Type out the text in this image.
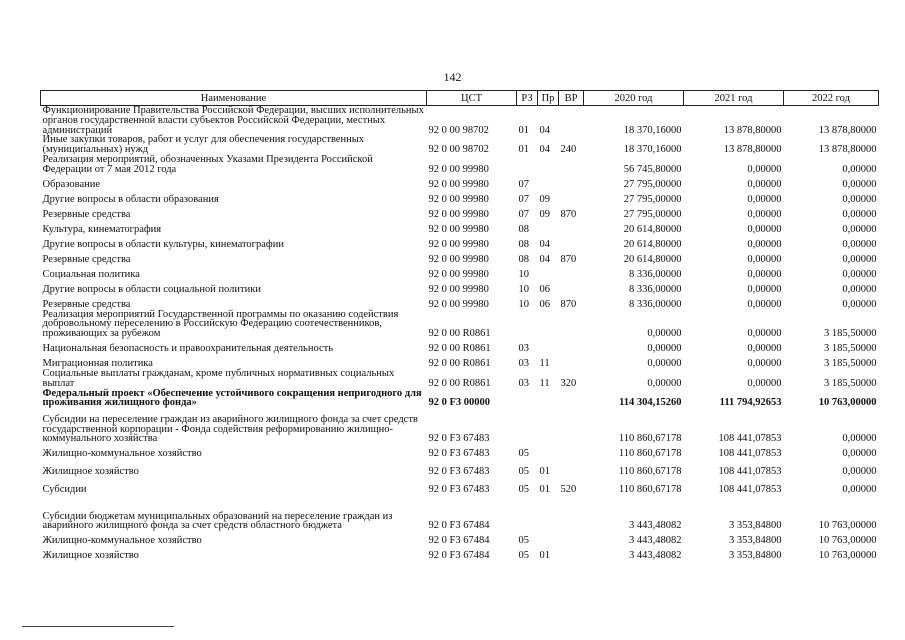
142
Наименование	ЦСТ	РЗ	Пр	ВР	2020 год	2021 год	2022 год
Функционирование Правительства Российской Федерации, высших исполнительных органов государственной власти субъектов Российской Федерации, местных администраций	92 0 00 98702	01	04		18 370,16000	13 878,80000	13 878,80000
Иные закупки товаров, работ и услуг для обеспечения государственных (муниципальных) нужд	92 0 00 98702	01	04	240	18 370,16000	13 878,80000	13 878,80000
Реализация мероприятий, обозначенных Указами Президента Российской Федерации от 7 мая 2012 года	92 0 00 99980				56 745,80000	0,00000	0,00000
Образование	92 0 00 99980	07			27 795,00000	0,00000	0,00000
Другие вопросы в области образования	92 0 00 99980	07	09		27 795,00000	0,00000	0,00000
Резервные средства	92 0 00 99980	07	09	870	27 795,00000	0,00000	0,00000
Культура, кинематография	92 0 00 99980	08			20 614,80000	0,00000	0,00000
Другие вопросы в области культуры, кинематографии	92 0 00 99980	08	04		20 614,80000	0,00000	0,00000
Резервные средства	92 0 00 99980	08	04	870	20 614,80000	0,00000	0,00000
Социальная политика	92 0 00 99980	10			8 336,00000	0,00000	0,00000
Другие вопросы в области социальной политики	92 0 00 99980	10	06		8 336,00000	0,00000	0,00000
Резервные средства	92 0 00 99980	10	06	870	8 336,00000	0,00000	0,00000
Реализация мероприятий Государственной программы по оказанию содействия добровольному переселению в Российскую Федерацию соотечественников, проживающих за рубежом	92 0 00 R0861				0,00000	0,00000	3 185,50000
Национальная безопасность и правоохранительная деятельность	92 0 00 R0861	03			0,00000	0,00000	3 185,50000
Миграционная политика	92 0 00 R0861	03	11		0,00000	0,00000	3 185,50000
Социальные выплаты гражданам, кроме публичных нормативных социальных выплат	92 0 00 R0861	03	11	320	0,00000	0,00000	3 185,50000
Федеральный проект «Обеспечение устойчивого сокращения непригодного для проживания жилищного фонда»	92 0 F3 00000				114 304,15260	111 794,92653	10 763,00000
Субсидии на переселение граждан из аварийного жилищного фонда за счет средств государственной корпорации - Фонда содействия реформированию жилищно-коммунального хозяйства	92 0 F3 67483				110 860,67178	108 441,07853	0,00000
Жилищно-коммунальное хозяйство	92 0 F3 67483	05			110 860,67178	108 441,07853	0,00000
Жилищное хозяйство	92 0 F3 67483	05	01		110 860,67178	108 441,07853	0,00000
Субсидии	92 0 F3 67483	05	01	520	110 860,67178	108 441,07853	0,00000
Субсидии бюджетам муниципальных образований на переселение граждан из аварийного жилищного фонда за счет средств областного бюджета	92 0 F3 67484				3 443,48082	3 353,84800	10 763,00000
Жилищно-коммунальное хозяйство	92 0 F3 67484	05			3 443,48082	3 353,84800	10 763,00000
Жилищное хозяйство	92 0 F3 67484	05	01		3 443,48082	3 353,84800	10 763,00000
